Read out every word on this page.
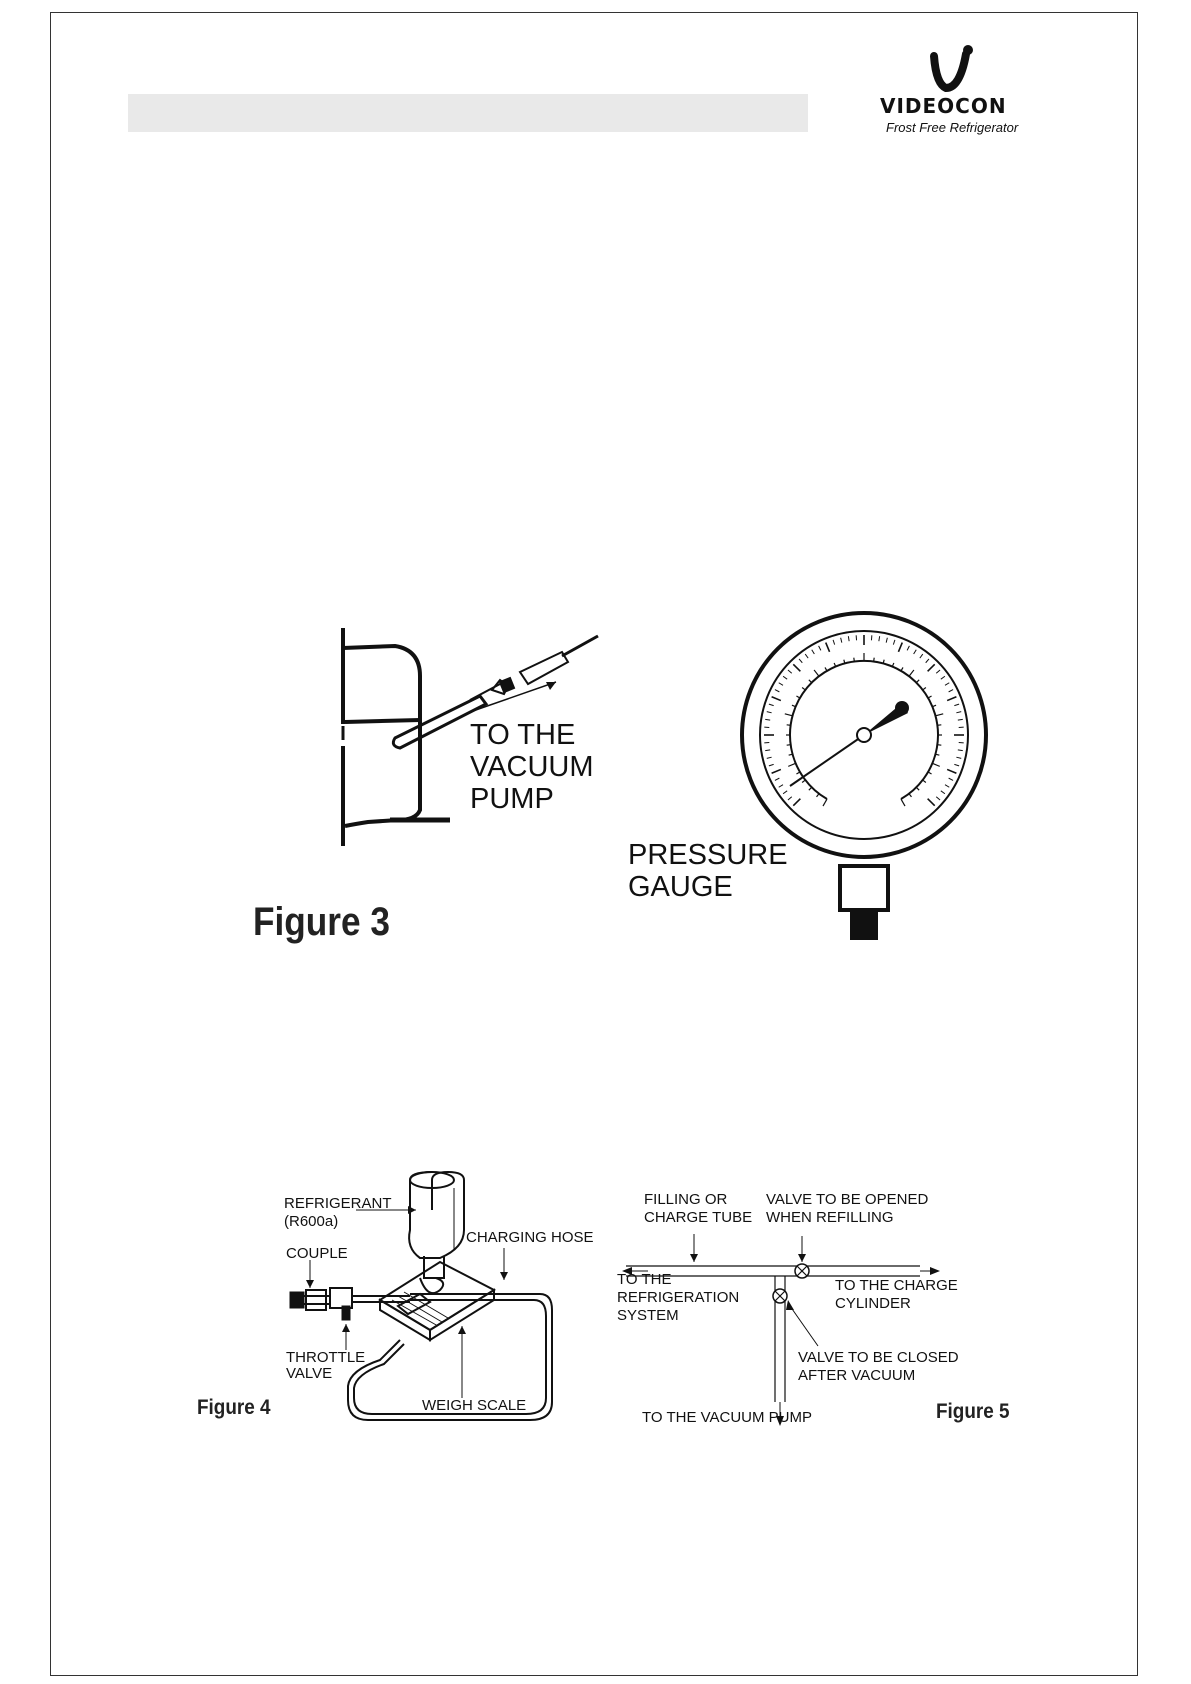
VIDEOCON
Frost Free Refrigerator
TO THE
VACUUM
PUMP
PRESSURE
GAUGE
REFRIGERANT
(R600a)
COUPLE
CHARGING HOSE
THROTTLE
VALVE
WEIGH SCALE
FILLING OR
CHARGE TUBE
VALVE TO BE OPENED
WHEN REFILLING
TO THE
REFRIGERATION
SYSTEM
TO THE CHARGE
CYLINDER
VALVE TO BE CLOSED
AFTER VACUUM
TO THE VACUUM PUMP
Figure 3
Figure 4	Figure 5
